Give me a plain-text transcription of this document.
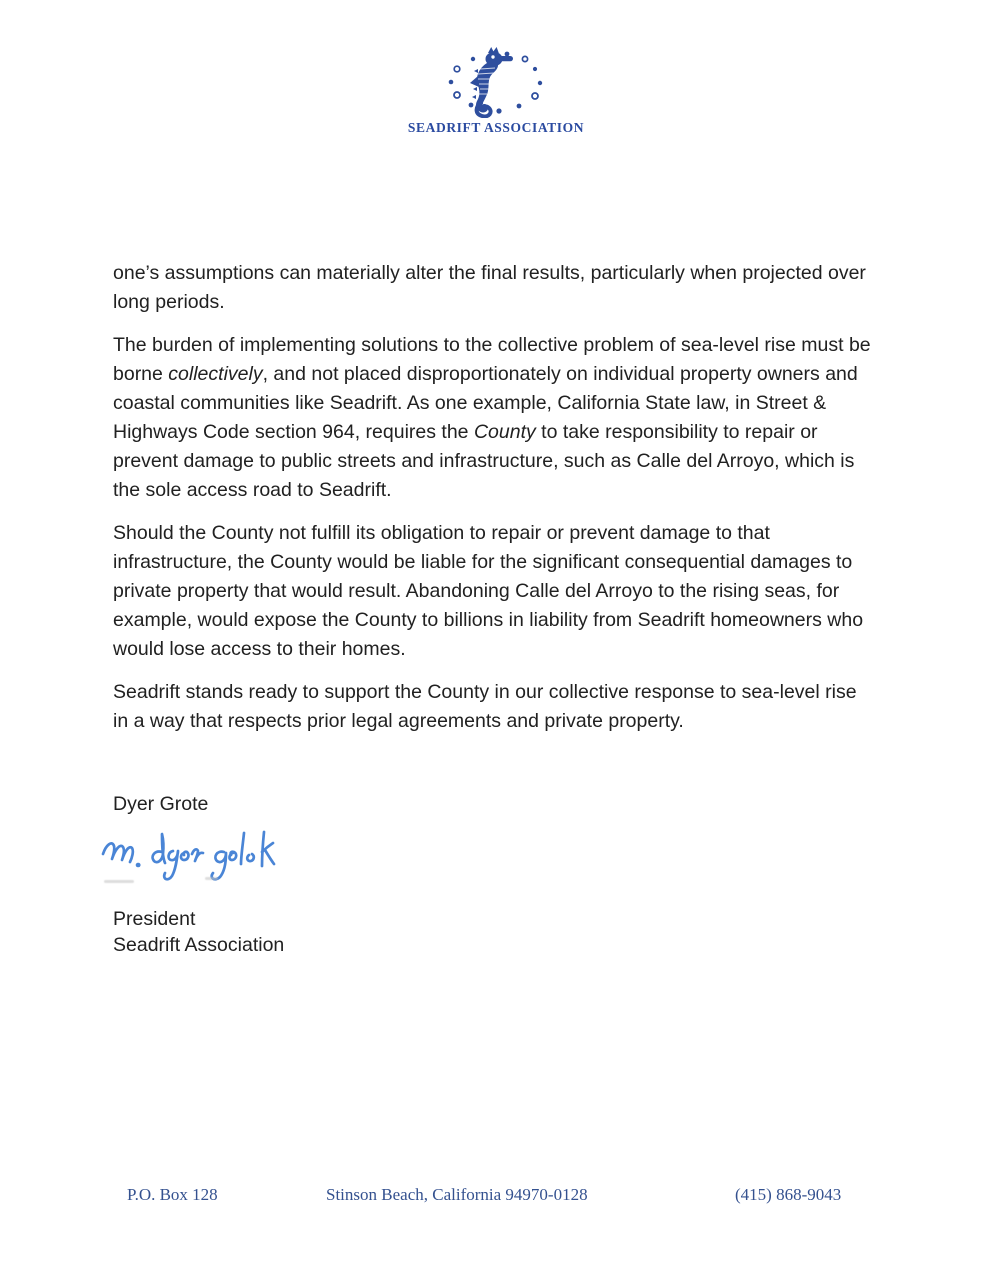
SEADRIFT ASSOCIATION

one’s assumptions can materially alter the final results, particularly when projected over
long periods.

The burden of implementing solutions to the collective problem of sea-level rise must be
borne collectively, and not placed disproportionately on individual property owners and
coastal communities like Seadrift. As one example, California State law, in Street &
Highways Code section 964, requires the County to take responsibility to repair or
prevent damage to public streets and infrastructure, such as Calle del Arroyo, which is
the sole access road to Seadrift.

Should the County not fulfill its obligation to repair or prevent damage to that
infrastructure, the County would be liable for the significant consequential damages to
private property that would result. Abandoning Calle del Arroyo to the rising seas, for
example, would expose the County to billions in liability from Seadrift homeowners who
would lose access to their homes.

Seadrift stands ready to support the County in our collective response to sea-level rise
in a way that respects prior legal agreements and private property.

Dyer Grote
President
Seadrift Association
P.O. Box 128	Stinson Beach, California 94970-0128	(415) 868-9043
